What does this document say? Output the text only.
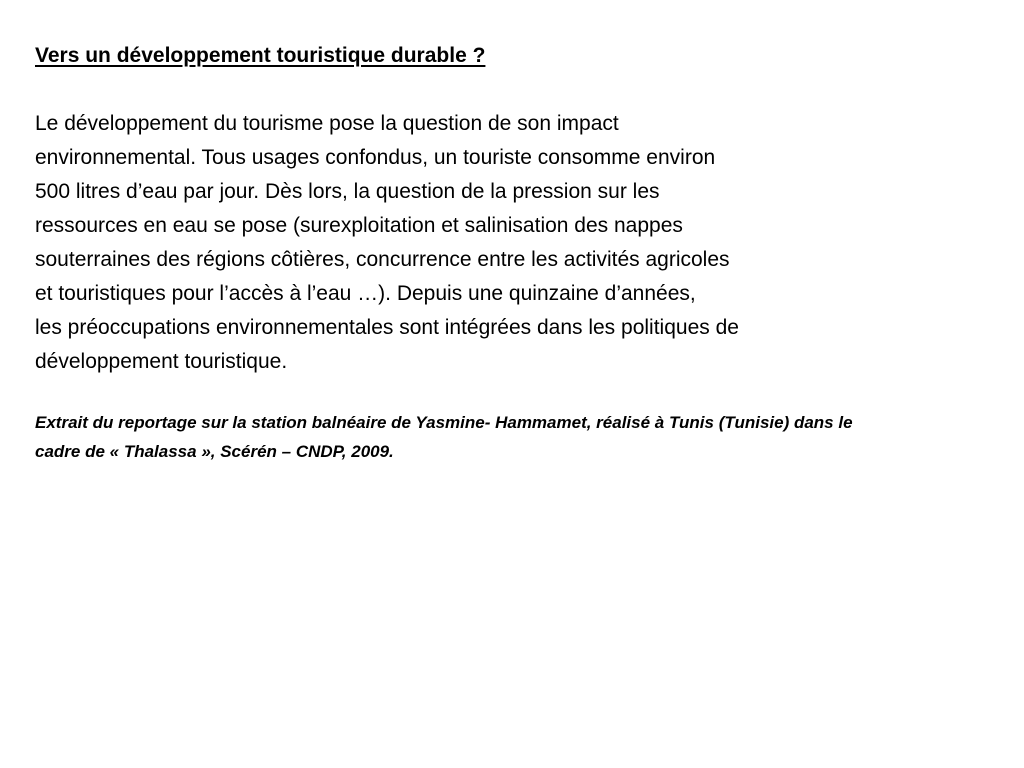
Vers un développement touristique durable ?

Le développement du tourisme pose la question de son impact
environnemental. Tous usages confondus, un touriste consomme environ
500 litres d’eau par jour. Dès lors, la question de la pression sur les
ressources en eau se pose (surexploitation et salinisation des nappes
souterraines des régions côtières, concurrence entre les activités agricoles
et touristiques pour l’accès à l’eau …). Depuis une quinzaine d’années,
les préoccupations environnementales sont intégrées dans les politiques de
développement touristique.

Extrait du reportage sur la station balnéaire de Yasmine- Hammamet, réalisé à Tunis (Tunisie) dans le
cadre de « Thalassa », Scérén – CNDP, 2009.
